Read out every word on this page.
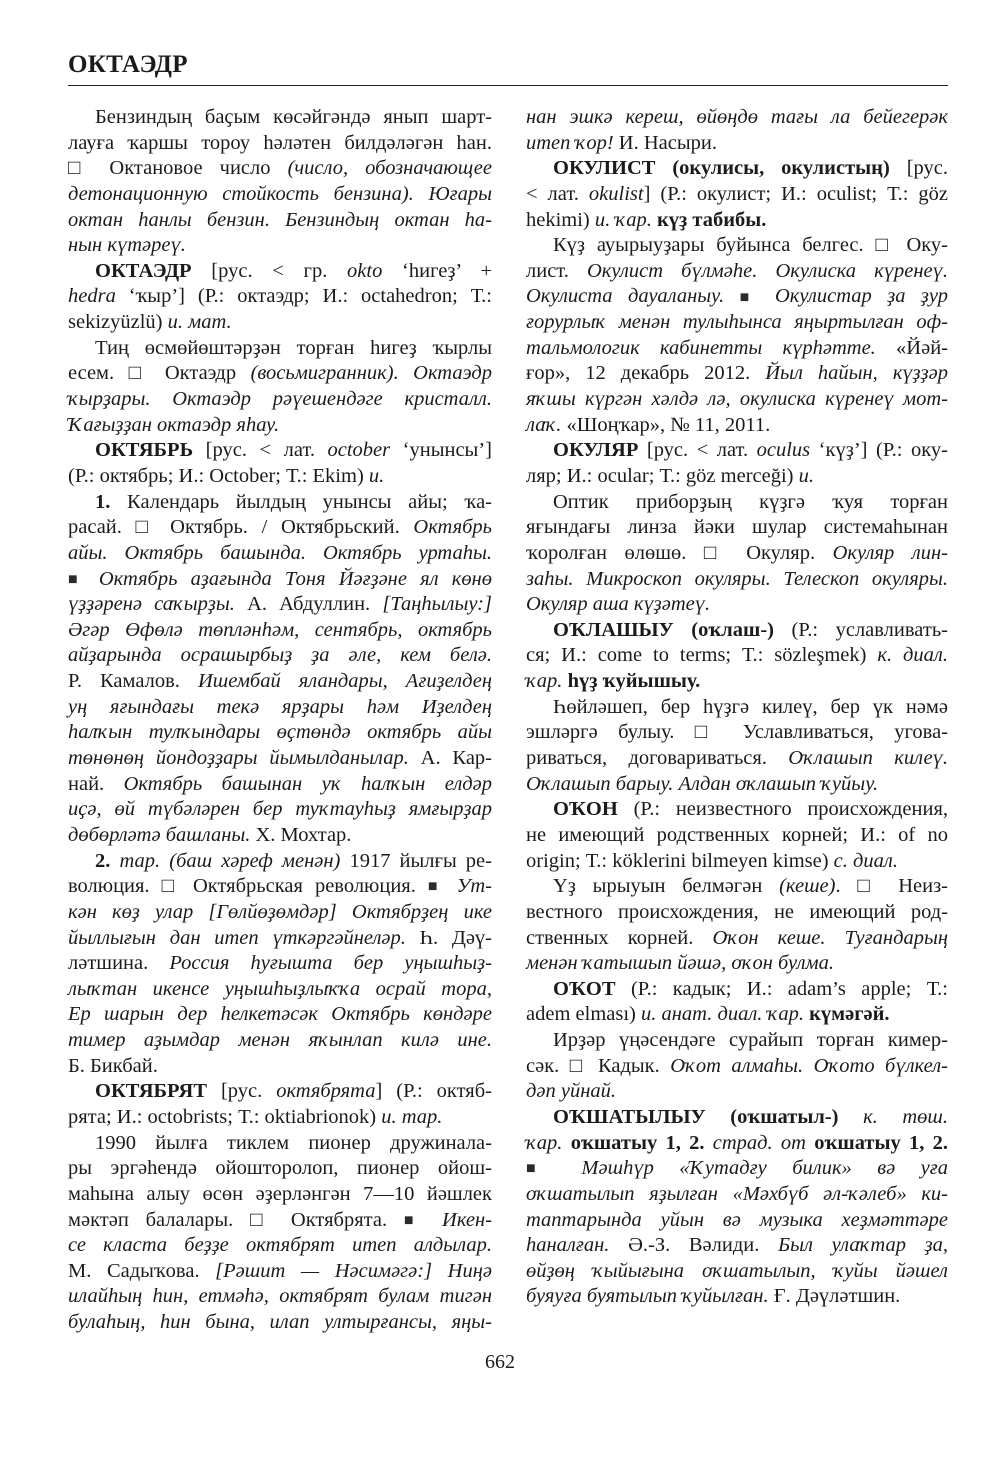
ОКТАЭДР
Бензиндың баҫым көсәйгәндә янып шарт-
лауға ҡаршы тороу һәләтен билдәләгән һан.
□ Октановое число (число, обозначающее
детонационную стойкость бензина). Юғары
октан һанлы бензин. Бензиндың октан һа-
нын күтәреү.
ОКТАЭДР [рус. < гр. okto ‘һигеҙ’ +
hedra ‘ҡыр’] (Р.: октаэдр; И.: octahedron; Т.:
sekizyüzlü) и. мат.
Тиң өсмөйөштәрҙән торған һигеҙ ҡырлы
есем. □ Октаэдр (восьмигранник). Октаэдр
ҡырҙары. Октаэдр рәүешендәге кристалл.
Ҡағыҙҙан октаэдр яһау.
ОКТЯБРЬ [рус. < лат. october ‘унынсы’]
(Р.: октябрь; И.: October; Т.: Ekim) и.
1. Календарь йылдың унынсы айы; ҡа-
расай. □ Октябрь. / Октябрьский. Октябрь
айы. Октябрь башында. Октябрь уртаһы.
■ Октябрь аҙағында Тоня Йәғҙәне ял көнө
үҙҙәренә саҡырҙы. А. Абдуллин. [Таңһылыу:]
Әгәр Өфөлә төпләнһәм, сентябрь, октябрь
айҙарында осрашырбыҙ ҙа әле, кем белә.
Р. Камалов. Ишембай яландары, Ағиҙелдең
уң яғындағы текә ярҙары һәм Иҙелдең
һалҡын тулҡындары өҫтөндә октябрь айы
төнөнөң йондоҙҙары йымылданылар. А. Кар-
най. Октябрь башынан уҡ һалҡын елдәр
иҫә, өй түбәләрен бер туҡтауһыҙ ямғырҙар
дөбөрләтә башланы. Х. Мохтар.
2. тар. (баш хәреф менән) 1917 йылғы ре-
волюция. □ Октябрьская революция. ■ Ут-
кән көҙ улар [Гөлйөҙөмдәр] Октябрҙең ике
йыллығын дан итеп үткәргәйнеләр. Һ. Дәү-
ләтшина. Россия һуғышта бер уңышһыҙ-
лыҡтан икенсе уңышһыҙлыҡҡа осрай тора,
Ер шарын дер һелкетәсәк Октябрь көндәре
тимер аҙымдар менән яҡынлап килә ине.
Б. Бикбай.
ОКТЯБРЯТ [рус. октябрята] (Р.: октяб-
рята; И.: octobrists; Т.: oktiabrionok) и. тар.
1990 йылға тиклем пионер дружинала-
ры эргәһендә ойошторолоп, пионер ойош-
маһына алыу өсөн әҙерләнгән 7—10 йәшлек
мәктәп балалары. □ Октябрята. ■ Икен-
се класта беҙҙе октябрят итеп алдылар.
М. Садыҡова. [Рәшит — Нәсимәгә:] Ниңә
илайһың һин, етмәһә, октябрят булам тигән
булаһың, һин бына, илап ултырғансы, яңы-
нан эшкә кереш, өйөңдө тағы ла бейегерәк
итеп ҡор! И. Насыри.
ОКУЛИСТ (окулисы, окулистың) [рус.
< лат. okulist] (Р.: окулист; И.: oculist; Т.: göz
hekimi) и. ҡар. күҙ табибы.
Күҙ ауырыуҙары буйынса белгес. □ Оку-
лист. Окулист бүлмәһе. Окулиска күренеү.
Окулиста дауаланыу. ■ Окулистар ҙа ҙур
ғорурлыҡ менән тулыһынса яңыртылған оф-
тальмологик кабинетты күрһәтте. «Йәй-
ғор», 12 декабрь 2012. Йыл һайын, күҙҙәр
яҡшы күргән хәлдә лә, окулиска күренеү мот-
лаҡ. «Шоңҡар», № 11, 2011.
ОКУЛЯР [рус. < лат. oculus ‘күҙ’] (Р.: оку-
ляр; И.: ocular; Т.: göz merceği) и.
Оптик приборҙың күҙгә ҡуя торған
яғындағы линза йәки шулар системаһынан
ҡоролған өлөшө. □ Окуляр. Окуляр лин-
заһы. Микроскоп окуляры. Телескоп окуляры.
Окуляр аша күҙәтеү.
ОҠЛАШЫУ (оҡлаш-) (Р.: уславливать-
ся; И.: come to terms; Т.: sözleşmek) к. диал.
ҡар. һүҙ ҡуйышыу.
Һөйләшеп, бер һүҙгә килеү, бер үк нәмә
эшләргә булыу. □ Уславливаться, угова-
риваться, договариваться. Оҡлашып килеү.
Оҡлашып барыу. Алдан оҡлашып ҡуйыу.
ОҠОН (Р.: неизвестного происхождения,
не имеющий родственных корней; И.: of no
origin; Т.: köklerini bilmeyen kimse) с. диал.
Үҙ ырыуын белмәгән (кеше). □ Неиз-
вестного происхождения, не имеющий род-
ственных корней. Оҡон кеше. Туғандарың
менән ҡатышып йәшә, оҡон булма.
ОҠОТ (Р.: кадык; И.: adam’s apple; Т.:
adem elması) и. анат. диал. ҡар. күмәгәй.
Ирҙәр үңәсендәге сурайып торған кимер-
сәк. □ Кадык. Оҡот алмаһы. Оҡото бүлкел-
дәп уйнай.
ОҠШАТЫЛЫУ (оҡшатыл-) к. төш.
ҡар. оҡшатыу 1, 2. страд. от оҡшатыу 1, 2.
■ Мәшһүр «Ҡутадғу билик» вә уға
оҡшатылып яҙылған «Мәхбүб әл-ҡәлеб» ки-
таптарында уйын вә музыка хеҙмәттәре
һаналған. Ә.-З. Вәлиди. Был улаҡтар ҙа,
өйҙөң ҡыйығына оҡшатылып, ҡуйы йәшел
буяуға буятылып ҡуйылған. Ғ. Дәүләтшин.
662
